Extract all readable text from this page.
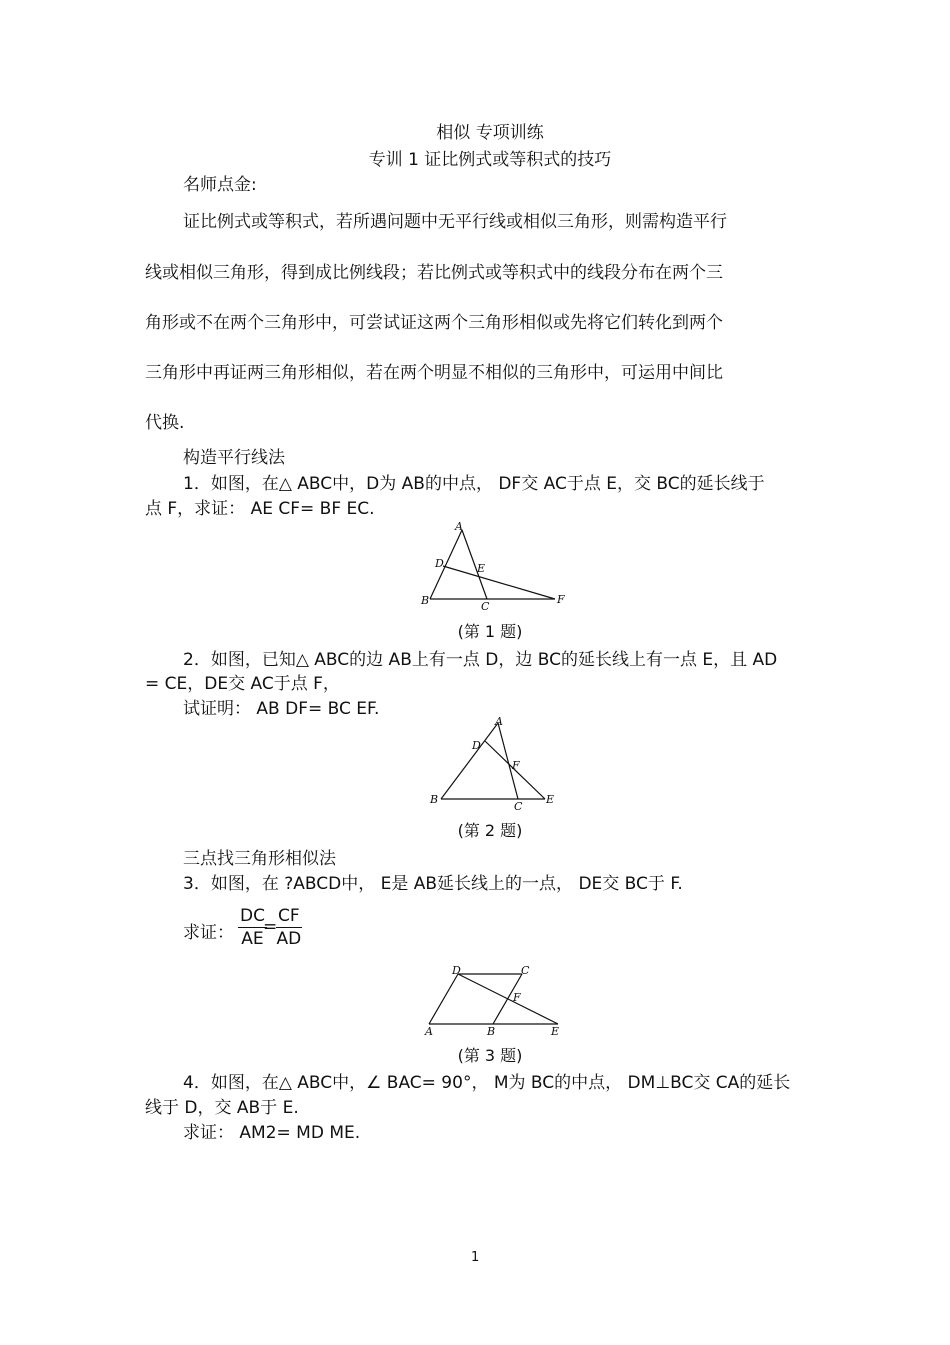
相似 专项训练
专训 1 证比例式或等积式的技巧
名师点金:
证比例式或等积式，若所遇问题中无平行线或相似三角形，则需构造平行
线或相似三角形，得到成比例线段；若比例式或等积式中的线段分布在两个三
角形或不在两个三角形中，可尝试证这两个三角形相似或先将它们转化到两个
三角形中再证两三角形相似，若在两个明显不相似的三角形中，可运用中间比
代换.
构造平行线法
1．如图，在△ ABC中，D为 AB的中点， DF交 AC于点 E，交 BC的延长线于
点 F，求证： AE CF= BF EC.
A
B	C
D	E
F
(第 1 题)
2．如图，已知△ ABC的边 AB上有一点 D，边 BC的延长线上有一点 E，且 AD
= CE，DE交 AC于点 F，
试证明： AB DF= BC EF.
A
B
C
D
E
F
(第 2 题)
三点找三角形相似法
3．如图，在 ?ABCD中， E是 AB延长线上的一点， DE交 BC于 F.
求证： $\frac{DC}{AE}$
=
$\frac{CF}{AD}$
D	C
A	B	E
F
(第 3 题)
4．如图，在△ ABC中，∠ BAC= 90°， M为 BC的中点， DM⊥BC交 CA的延长
线于 D，交 AB于 E.
求证： AM2= MD ME.
1
